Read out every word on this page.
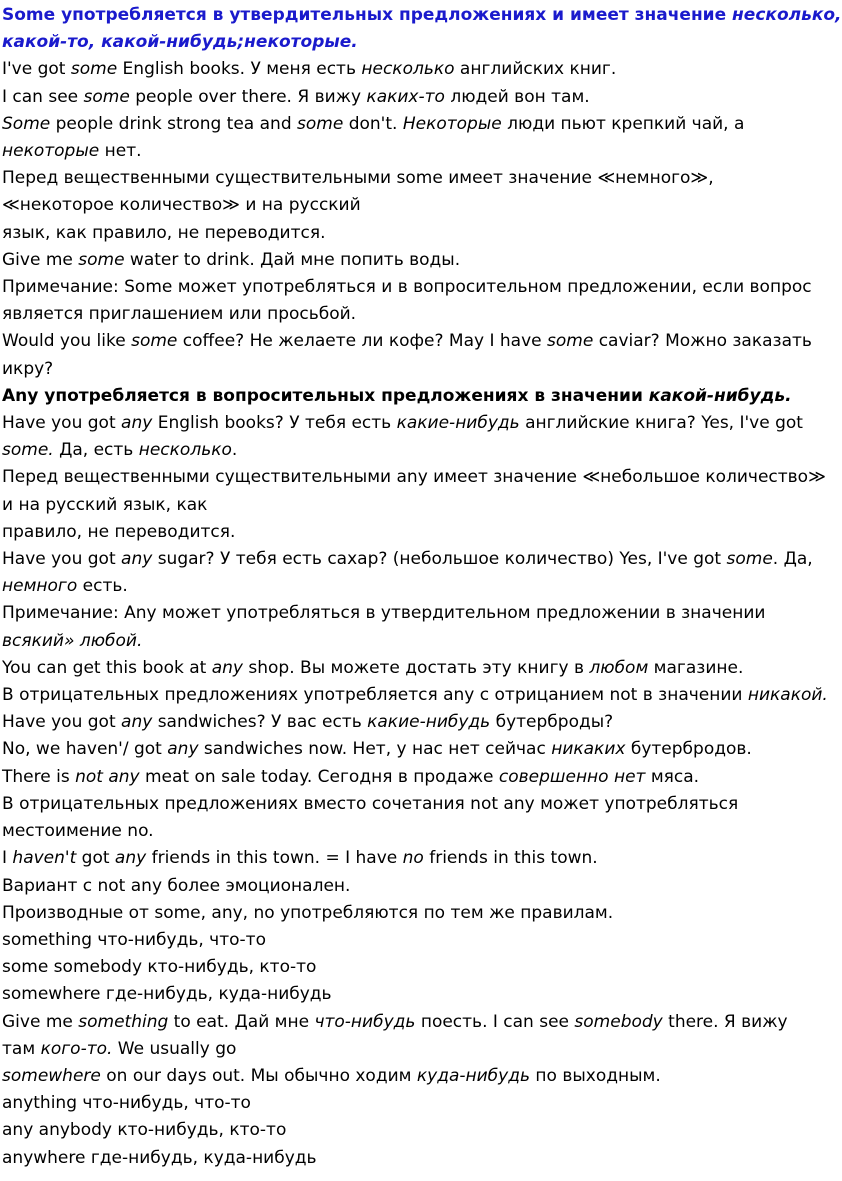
Some употребляется в утвердительных предложениях и имеет значение несколько,

какой-то, какой-нибудь;некоторые.

I've got some English books. У меня есть несколько английских книг.

I can see some people over there. Я вижу каких-то людей вон там.

Some people drink strong tea and some don't. Некоторые люди пьют крепкий чай, а

некоторые нет.

Перед вещественными существительными some имеет значение ≪немного≫,

≪некоторое количество≫ и на русский

язык, как правило, не переводится.

Give me some water to drink. Дай мне попить воды.

Примечание: Some может употребляться и в вопросительном предложении, если вопрос

является приглашением или просьбой.

Would you like some coffee? Не желаете ли кофе? May I have some caviar? Можно заказать

икру?

Any употребляется в вопросительных предложениях в значении какой-нибудь.

Have you got any English books? У тебя есть какие-нибудь английские книга? Yes, I've got

some. Да, есть несколько.

Перед вещественными существительными any имеет значение ≪небольшое количество≫

и на русский язык, как

правило, не переводится.

Have you got any sugar? У тебя есть сахар? (небольшое количество) Yes, I've got some. Да,

немного есть.

Примечание: Any может употребляться в утвердительном предложении в значении

всякий» любой.

You can get this book at any shop. Вы можете достать эту книгу в любом магазине.

В отрицательных предложениях употребляется any с отрицанием not в значении никакой.

Have you got any sandwiches? У вас есть какие-нибудь бутерброды?

No, we haven'/ got any sandwiches now. Нет, у нас нет сейчас никаких бутербродов.

There is not any meat on sale today. Сегодня в продаже совершенно нет мяса.

В отрицательных предложениях вместо сочетания not any может употребляться

местоимение no.

I haven't got any friends in this town. = I have no friends in this town.

Вариант с not any более эмоционален.

Производные от some, any, no употребляются по тем же правилам.

something что-нибудь, что-то

some somebody кто-нибудь, кто-то

somewhere где-нибудь, куда-нибудь

Give me something to eat. Дай мне что-нибудь поесть. I can see somebody there. Я вижу

там кого-то. We usually go

somewhere on our days out. Мы обычно ходим куда-нибудь по выходным.

anything что-нибудь, что-то

any anybody кто-нибудь, кто-то

anywhere где-нибудь, куда-нибудь
